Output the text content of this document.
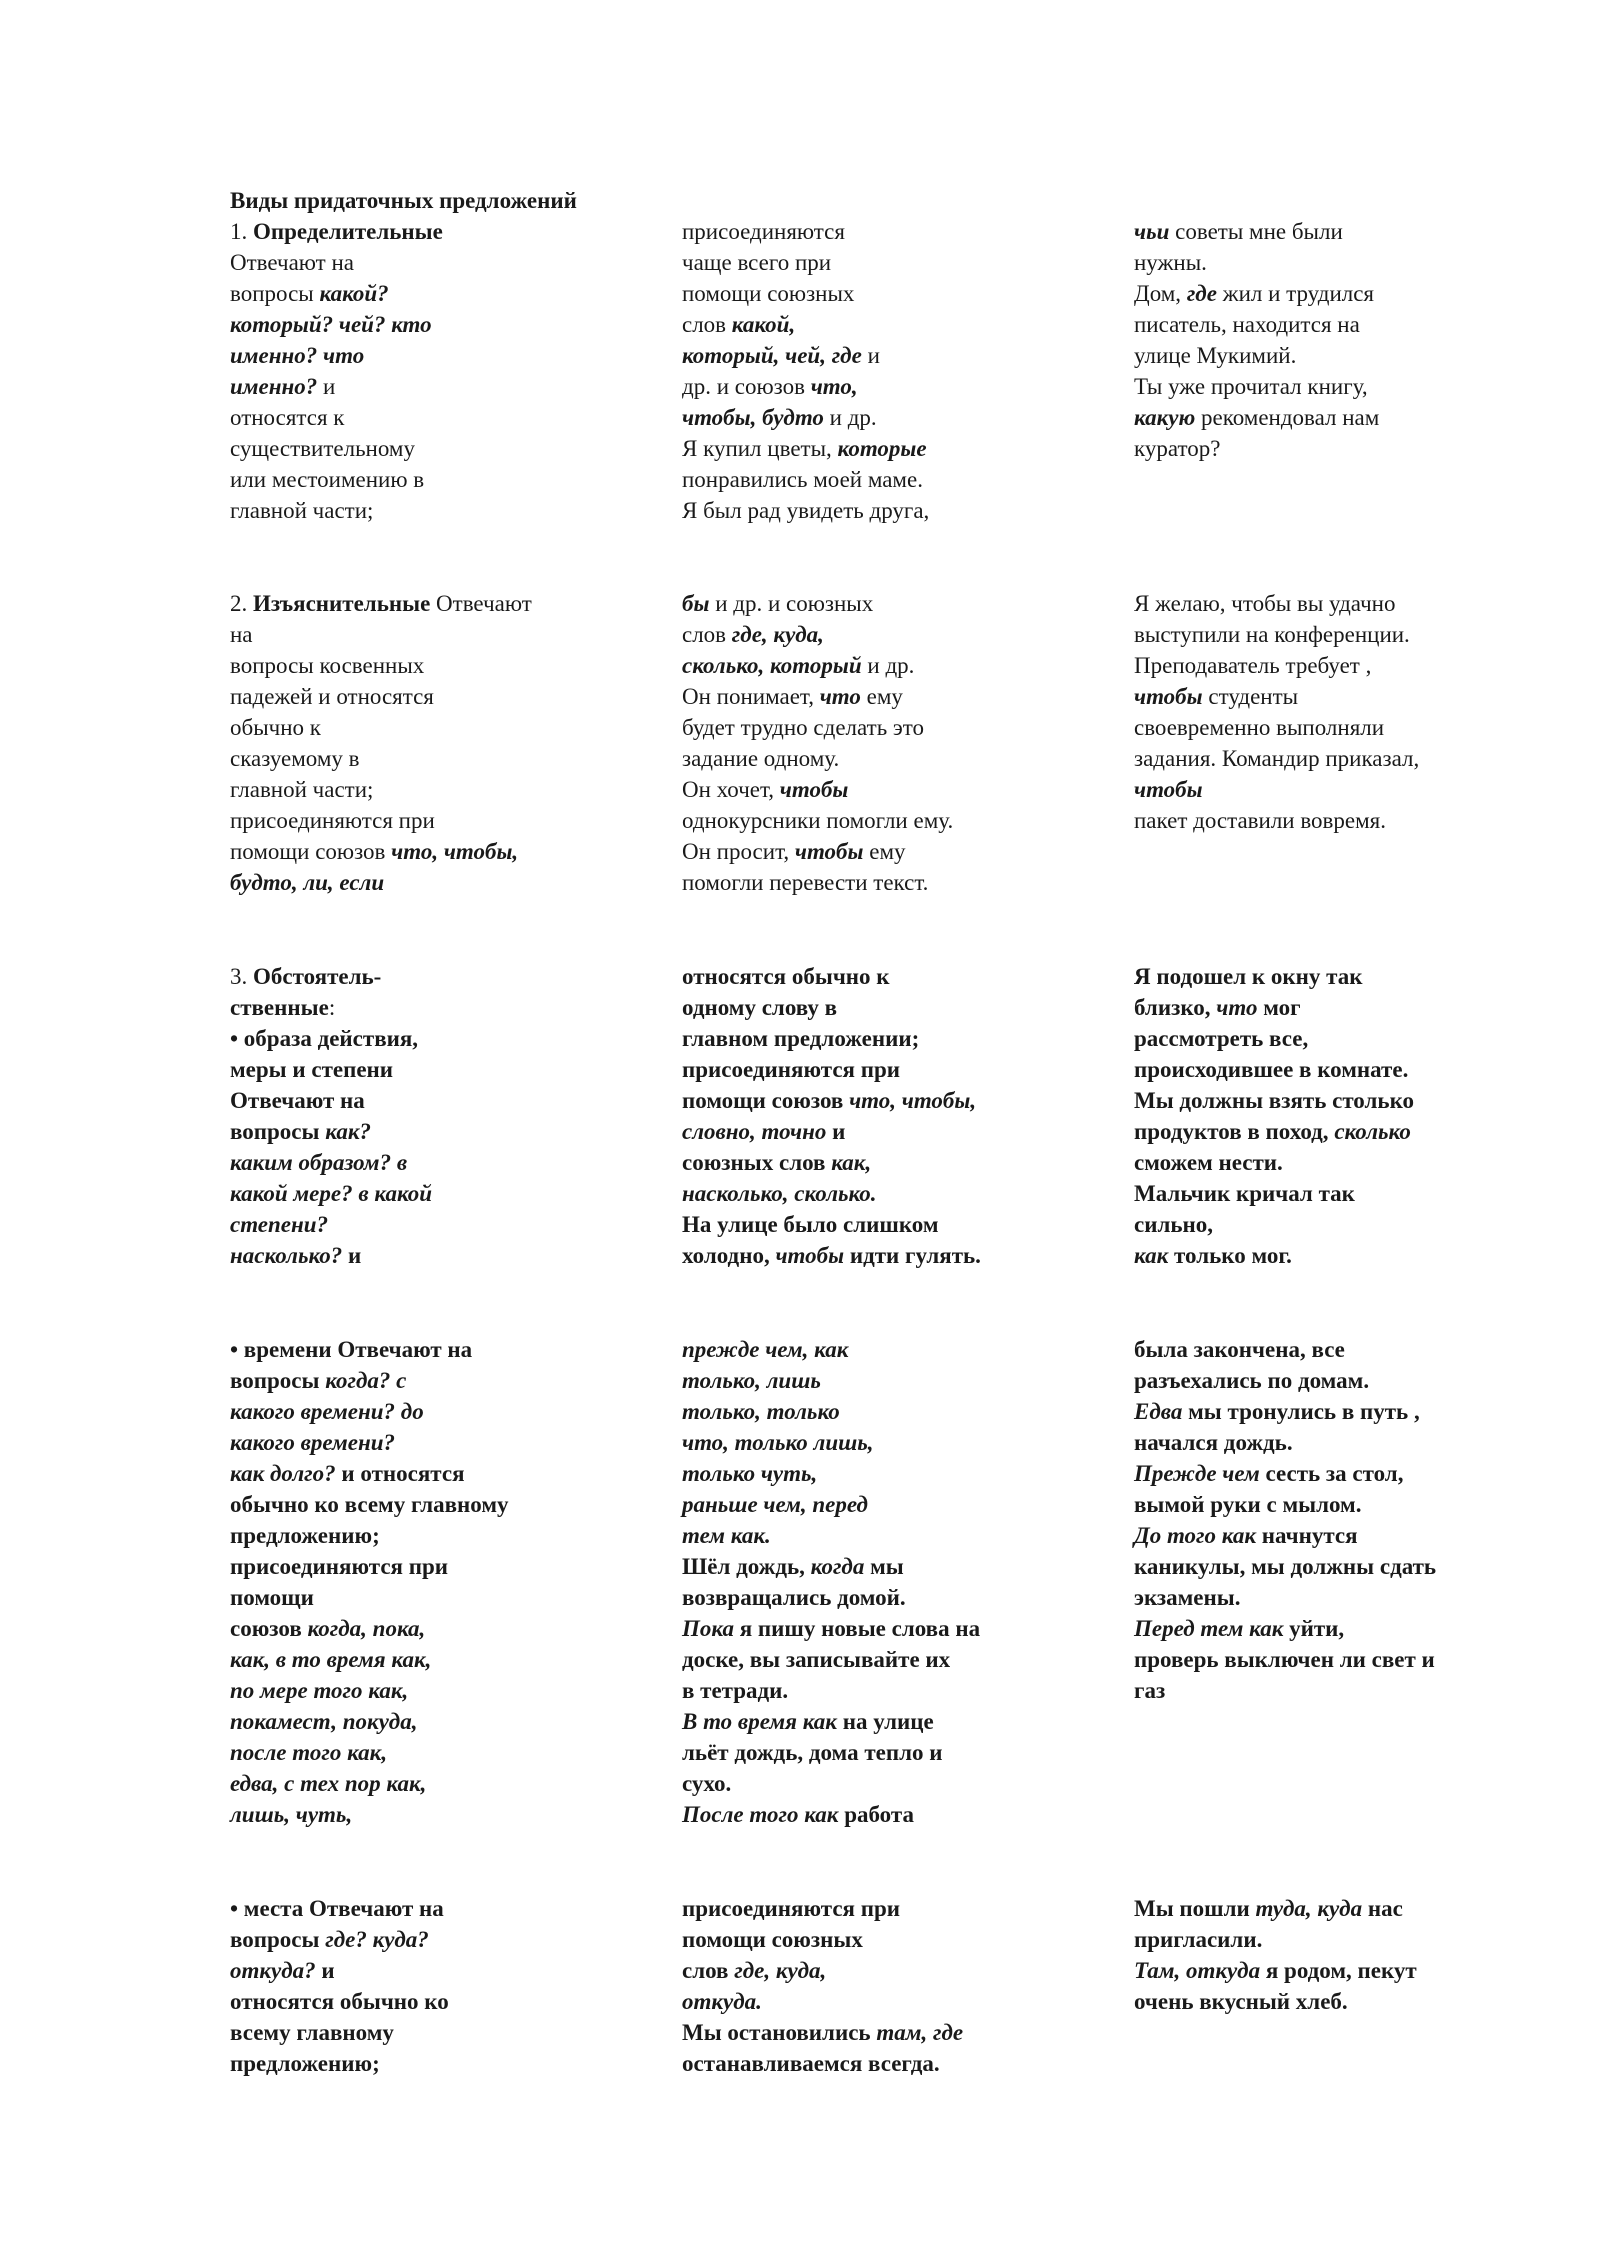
Виды придаточных предложений
1. Определительные
Отвечают на
вопросы какой?
который? чей? кто
именно? что
именно? и
относятся к
существительному
или местоимению в
главной части;
присоединяются
чаще всего при
помощи союзных
слов какой,
который, чей, где и
др. и союзов что,
чтобы, будто и др.
Я купил цветы, которые
понравились моей маме.
Я был рад увидеть друга,
чьи советы мне были
нужны.
Дом, где жил и трудился
писатель, находится на
улице Мукимий.
Ты уже прочитал книгу,
какую рекомендовал нам
куратор?
2. Изъяснительные Отвечают
на
вопросы косвенных
падежей и относятся
обычно к
сказуемому в
главной части;
присоединяются при
помощи союзов что, чтобы,
будто, ли, если
бы и др. и союзных
слов где, куда,
сколько, который и др.
Он понимает, что ему
будет трудно сделать это
задание одному.
Он хочет, чтобы
однокурсники помогли ему.
Он просит, чтобы ему
помогли перевести текст.
Я желаю, чтобы вы удачно
выступили на конференции.
Преподаватель требует ,
чтобы студенты
своевременно выполняли
задания. Командир приказал,
чтобы
пакет доставили вовремя.
3. Обстоятель-
ственные:
• образа действия,
меры и степени
Отвечают на
вопросы как?
каким образом? в
какой мере? в какой
степени?
насколько? и
относятся обычно к
одному слову в
главном предложении;
присоединяются при
помощи союзов что, чтобы,
словно, точно и
союзных слов как,
насколько, сколько.
На улице было слишком
холодно, чтобы идти гулять.
Я подошел к окну так
близко, что мог
рассмотреть все,
происходившее в комнате.
Мы должны взять столько
продуктов в поход, сколько
сможем нести.
Мальчик кричал так
сильно,
как только мог.
• времени Отвечают на
вопросы когда? с
какого времени? до
какого времени?
как долго? и относятся
обычно ко всему главному
предложению;
присоединяются при
помощи
союзов когда, пока,
как, в то время как,
по мере того как,
покамест, покуда,
после того как,
едва, с тех пор как,
лишь, чуть,
прежде чем, как
только, лишь
только, только
что, только лишь,
только чуть,
раньше чем, перед
тем как.
Шёл дождь, когда мы
возвращались домой.
Пока я пишу новые слова на
доске, вы записывайте их
в тетради.
В то время как на улице
льёт дождь, дома тепло и
сухо.
После того как работа
была закончена, все
разъехались по домам.
Едва мы тронулись в путь ,
начался дождь.
Прежде чем сесть за стол,
вымой руки с мылом.
До того как начнутся
каникулы, мы должны сдать
экзамены.
Перед тем как уйти,
проверь выключен ли свет и
газ
• места Отвечают на
вопросы где? куда?
откуда? и
относятся обычно ко
всему главному
предложению;
присоединяются при
помощи союзных
слов где, куда,
откуда.
Мы остановились там, где
останавливаемся всегда.
Мы пошли туда, куда нас
пригласили.
Там, откуда я родом, пекут
очень вкусный хлеб.
